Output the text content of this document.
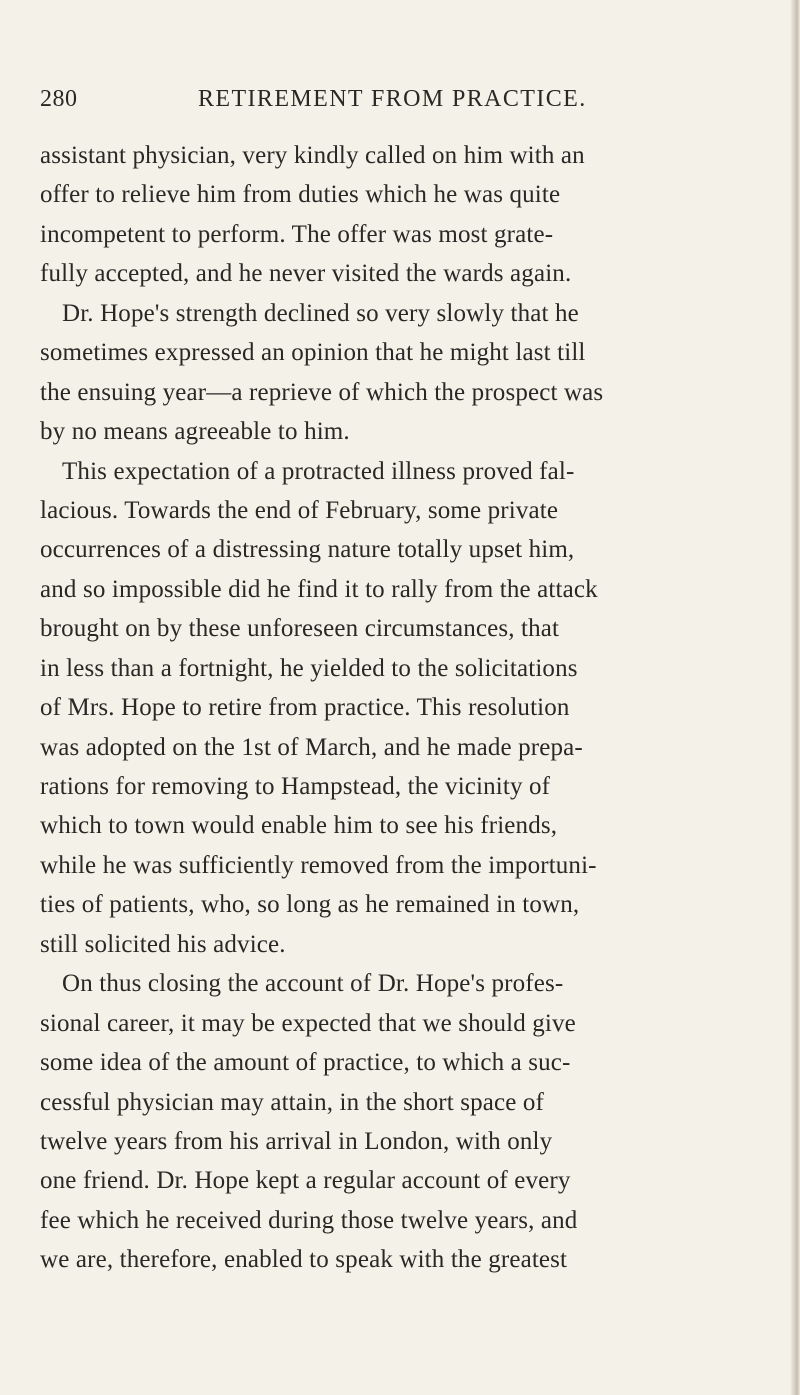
280	RETIREMENT FROM PRACTICE.
assistant physician, very kindly called on him with an
offer to relieve him from duties which he was quite
incompetent to perform. The offer was most grate-
fully accepted, and he never visited the wards again.
Dr. Hope's strength declined so very slowly that he
sometimes expressed an opinion that he might last till
the ensuing year—a reprieve of which the prospect was
by no means agreeable to him.
This expectation of a protracted illness proved fal-
lacious. Towards the end of February, some private
occurrences of a distressing nature totally upset him,
and so impossible did he find it to rally from the attack
brought on by these unforeseen circumstances, that
in less than a fortnight, he yielded to the solicitations
of Mrs. Hope to retire from practice. This resolution
was adopted on the 1st of March, and he made prepa-
rations for removing to Hampstead, the vicinity of
which to town would enable him to see his friends,
while he was sufficiently removed from the importuni-
ties of patients, who, so long as he remained in town,
still solicited his advice.
On thus closing the account of Dr. Hope's profes-
sional career, it may be expected that we should give
some idea of the amount of practice, to which a suc-
cessful physician may attain, in the short space of
twelve years from his arrival in London, with only
one friend. Dr. Hope kept a regular account of every
fee which he received during those twelve years, and
we are, therefore, enabled to speak with the greatest
